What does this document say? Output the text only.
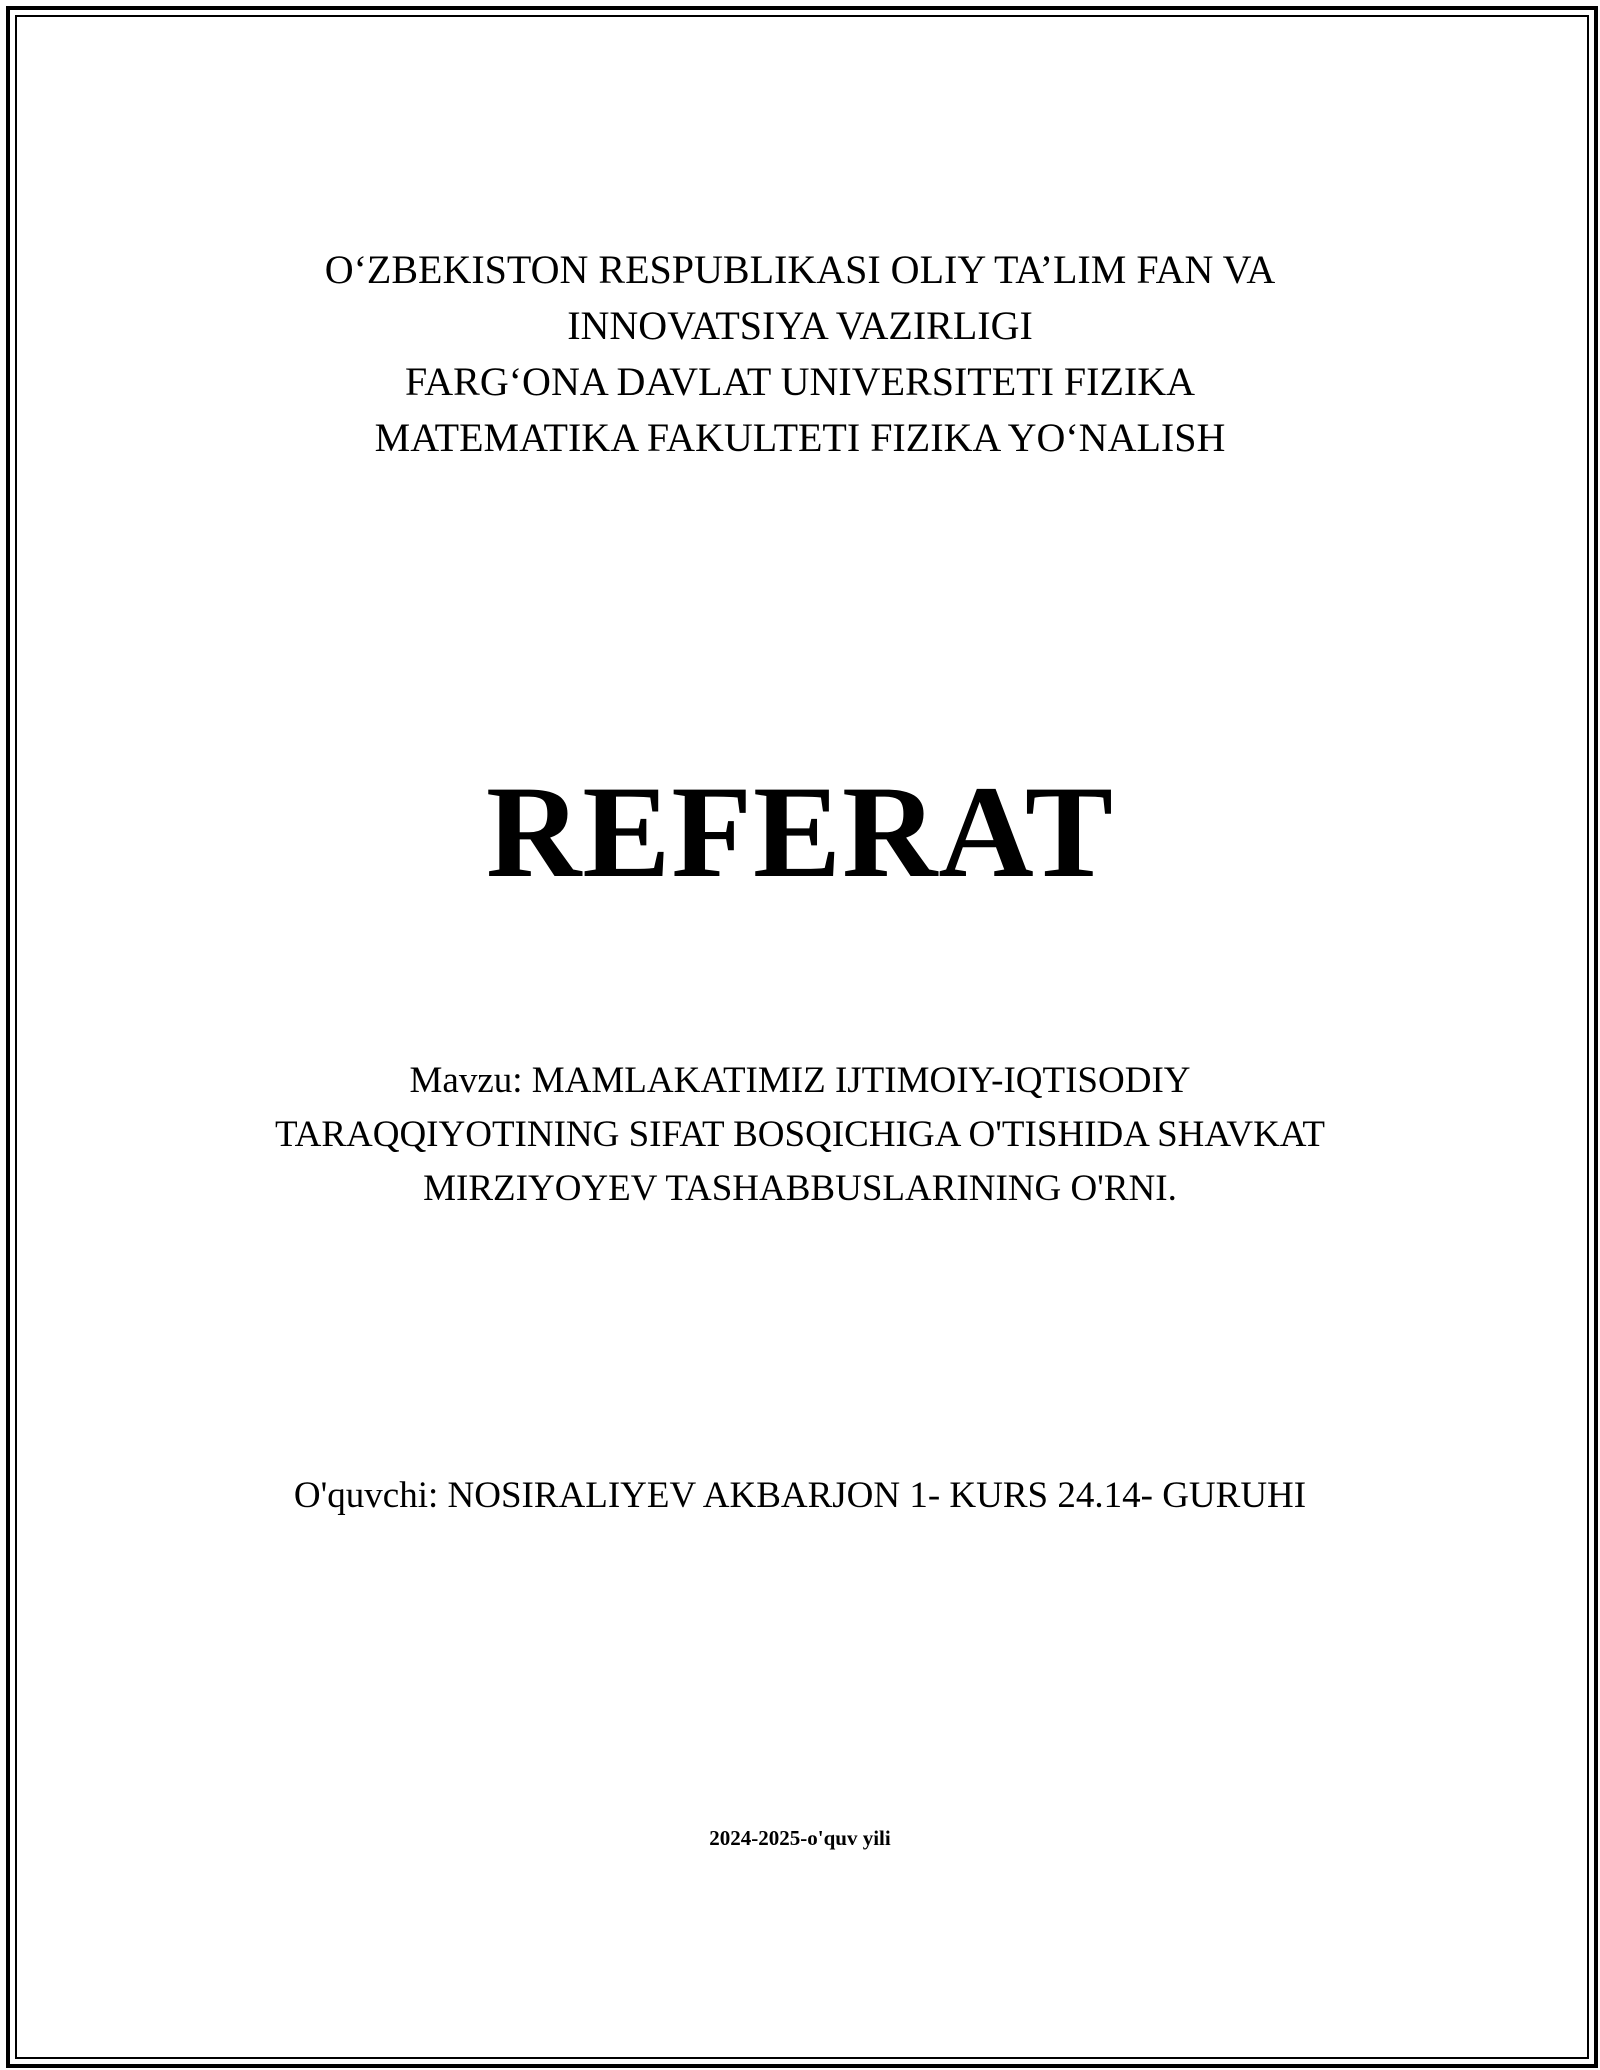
O‘ZBEKISTON RESPUBLIKASI OLIY TA’LIM FAN VA
INNOVATSIYA VAZIRLIGI
FARG‘ONA DAVLAT UNIVERSITETI FIZIKA
MATEMATIKA FAKULTETI FIZIKA YO‘NALISH
REFERAT
Mavzu: MAMLAKATIMIZ IJTIMOIY-IQTISODIY
TARAQQIYOTINING SIFAT BOSQICHIGA O'TISHIDA SHAVKAT
MIRZIYOYEV TASHABBUSLARINING O'RNI.
O'quvchi: NOSIRALIYEV AKBARJON 1- KURS 24.14- GURUHI
2024-2025-o'quv yili
